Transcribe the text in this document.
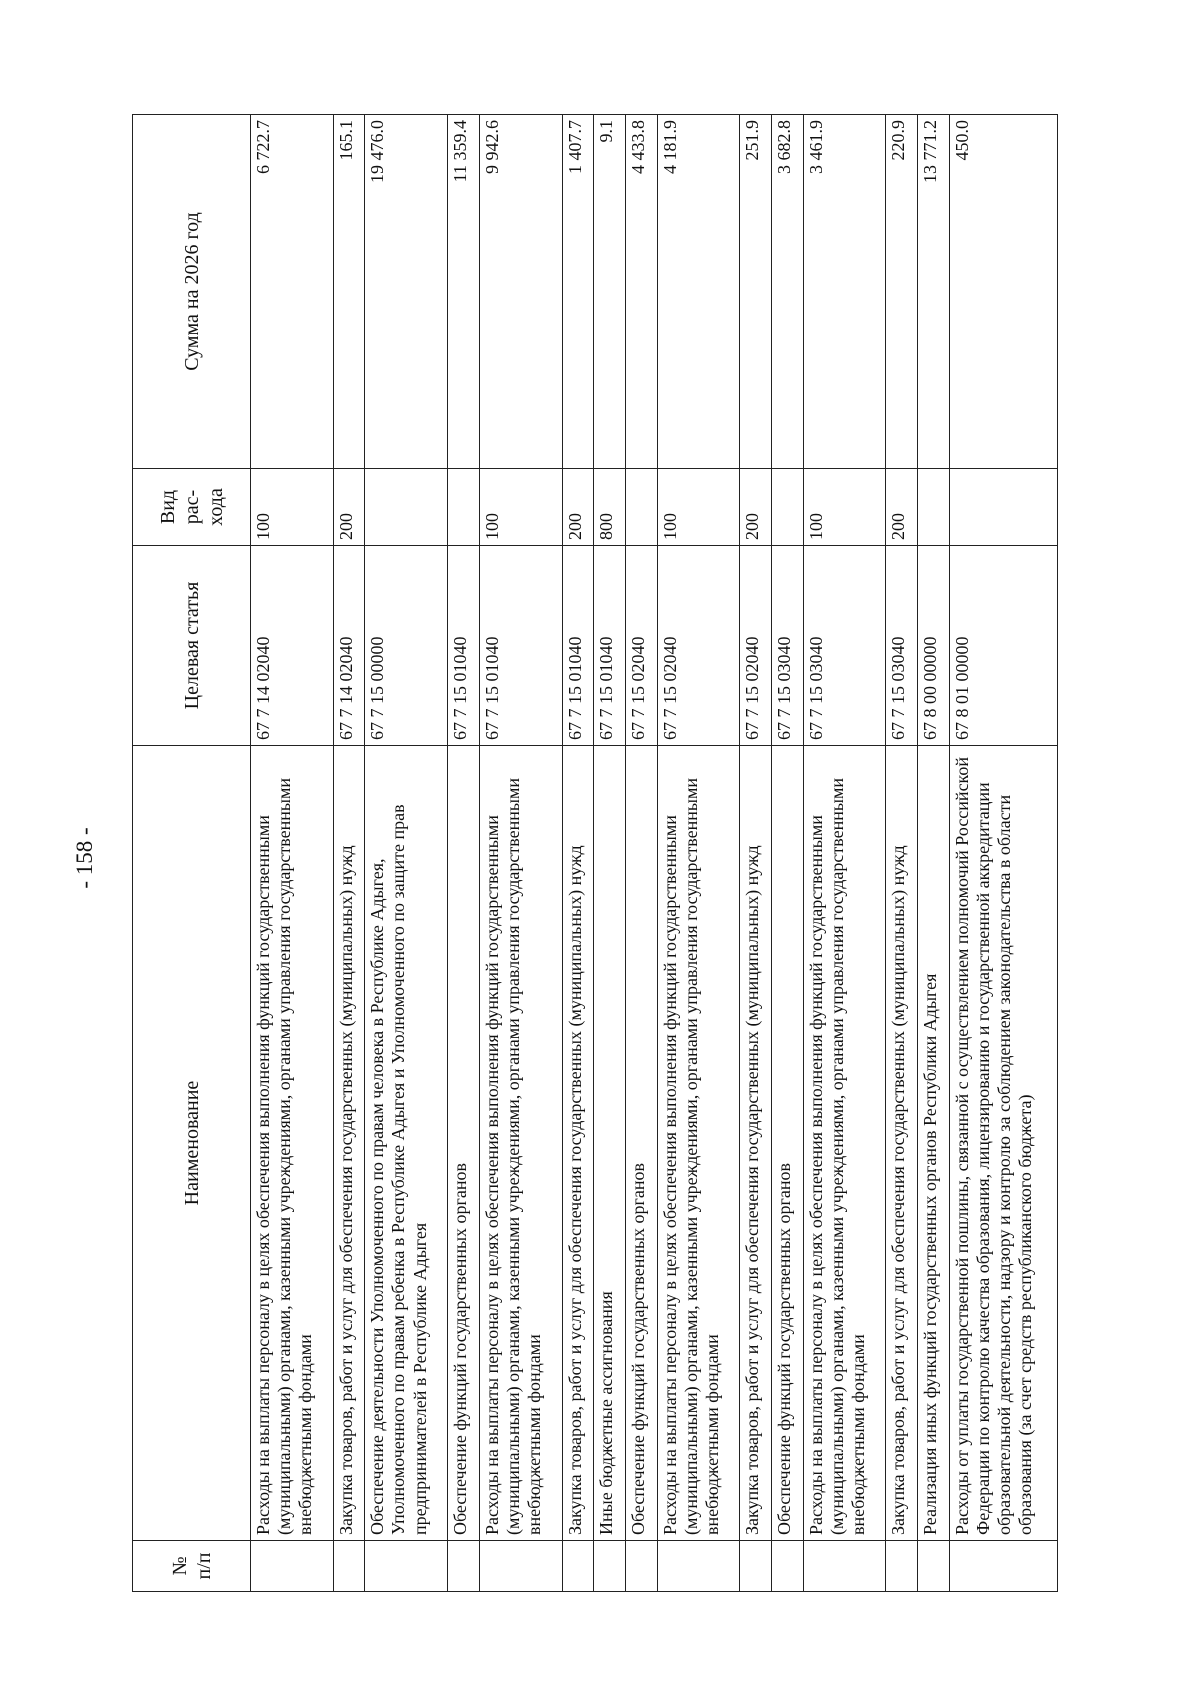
- 158 -
№ п/п	Наименование	Целевая статья	Вид рас- хода	Сумма на 2026 год
	Расходы на выплаты персоналу в целях обеспечения выполнения функций государственными (муниципальными) органами, казенными учреждениями, органами управления государственными внебюджетными фондами	67 7 14 02040	100	6 722.7
	Закупка товаров, работ и услуг для обеспечения государственных (муниципальных) нужд	67 7 14 02040	200	165.1
	Обеспечение деятельности Уполномоченного по правам человека в Республике Адыгея, Уполномоченного по правам ребенка в Республике Адыгея и Уполномоченного по защите прав предпринимателей в Республике Адыгея	67 7 15 00000		19 476.0
	Обеспечение функций государственных органов	67 7 15 01040		11 359.4
	Расходы на выплаты персоналу в целях обеспечения выполнения функций государственными (муниципальными) органами, казенными учреждениями, органами управления государственными внебюджетными фондами	67 7 15 01040	100	9 942.6
	Закупка товаров, работ и услуг для обеспечения государственных (муниципальных) нужд	67 7 15 01040	200	1 407.7
	Иные бюджетные ассигнования	67 7 15 01040	800	9.1
	Обеспечение функций государственных органов	67 7 15 02040		4 433.8
	Расходы на выплаты персоналу в целях обеспечения выполнения функций государственными (муниципальными) органами, казенными учреждениями, органами управления государственными внебюджетными фондами	67 7 15 02040	100	4 181.9
	Закупка товаров, работ и услуг для обеспечения государственных (муниципальных) нужд	67 7 15 02040	200	251.9
	Обеспечение функций государственных органов	67 7 15 03040		3 682.8
	Расходы на выплаты персоналу в целях обеспечения выполнения функций государственными (муниципальными) органами, казенными учреждениями, органами управления государственными внебюджетными фондами	67 7 15 03040	100	3 461.9
	Закупка товаров, работ и услуг для обеспечения государственных (муниципальных) нужд	67 7 15 03040	200	220.9
	Реализация иных функций государственных органов Республики Адыгея	67 8 00 00000		13 771.2
	Расходы от уплаты государственной пошлины, связанной с осуществлением полномочий Российской Федерации по контролю качества образования, лицензированию и государственной аккредитации образовательной деятельности, надзору и контролю за соблюдением законодательства в области образования (за счет средств республиканского бюджета)	67 8 01 00000		450.0
